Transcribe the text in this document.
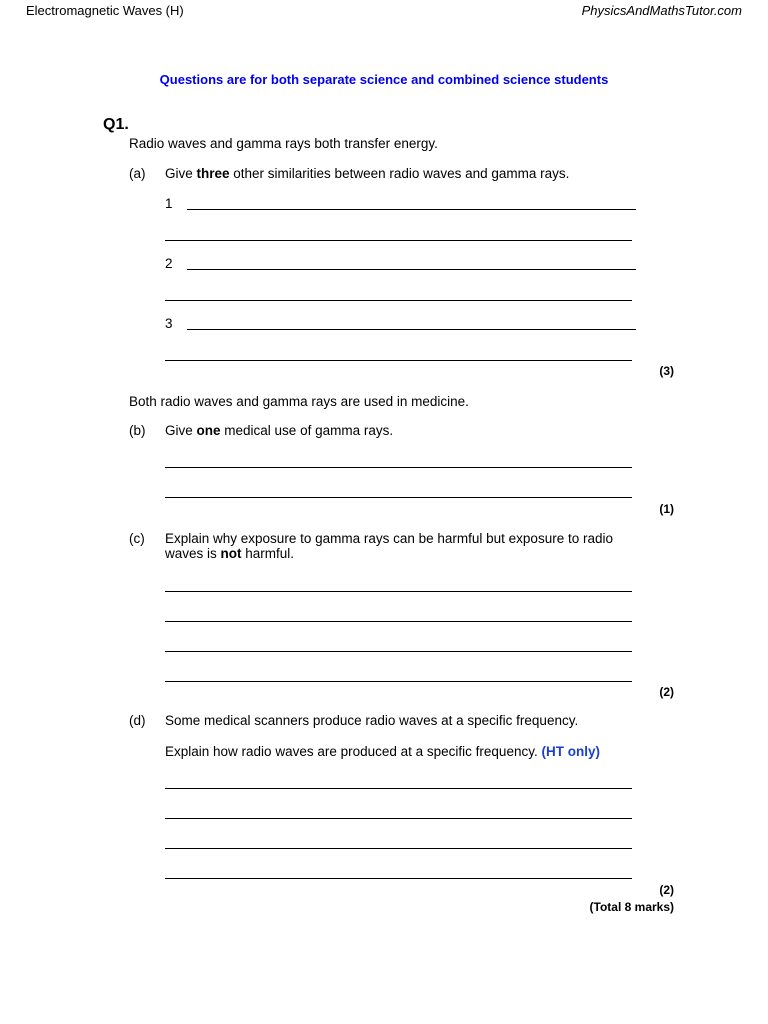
Electromagnetic Waves (H)	PhysicsAndMathsTutor.com
Questions are for both separate science and combined science students
Q1.
Radio waves and gamma rays both transfer energy.
(a) Give three other similarities between radio waves and gamma rays.
1
2
3
(3)
Both radio waves and gamma rays are used in medicine.
(b) Give one medical use of gamma rays.
(1)
(c) Explain why exposure to gamma rays can be harmful but exposure to radio
waves is not harmful.
(2)
(d) Some medical scanners produce radio waves at a specific frequency.
Explain how radio waves are produced at a specific frequency. (HT only)
(2)
(Total 8 marks)
